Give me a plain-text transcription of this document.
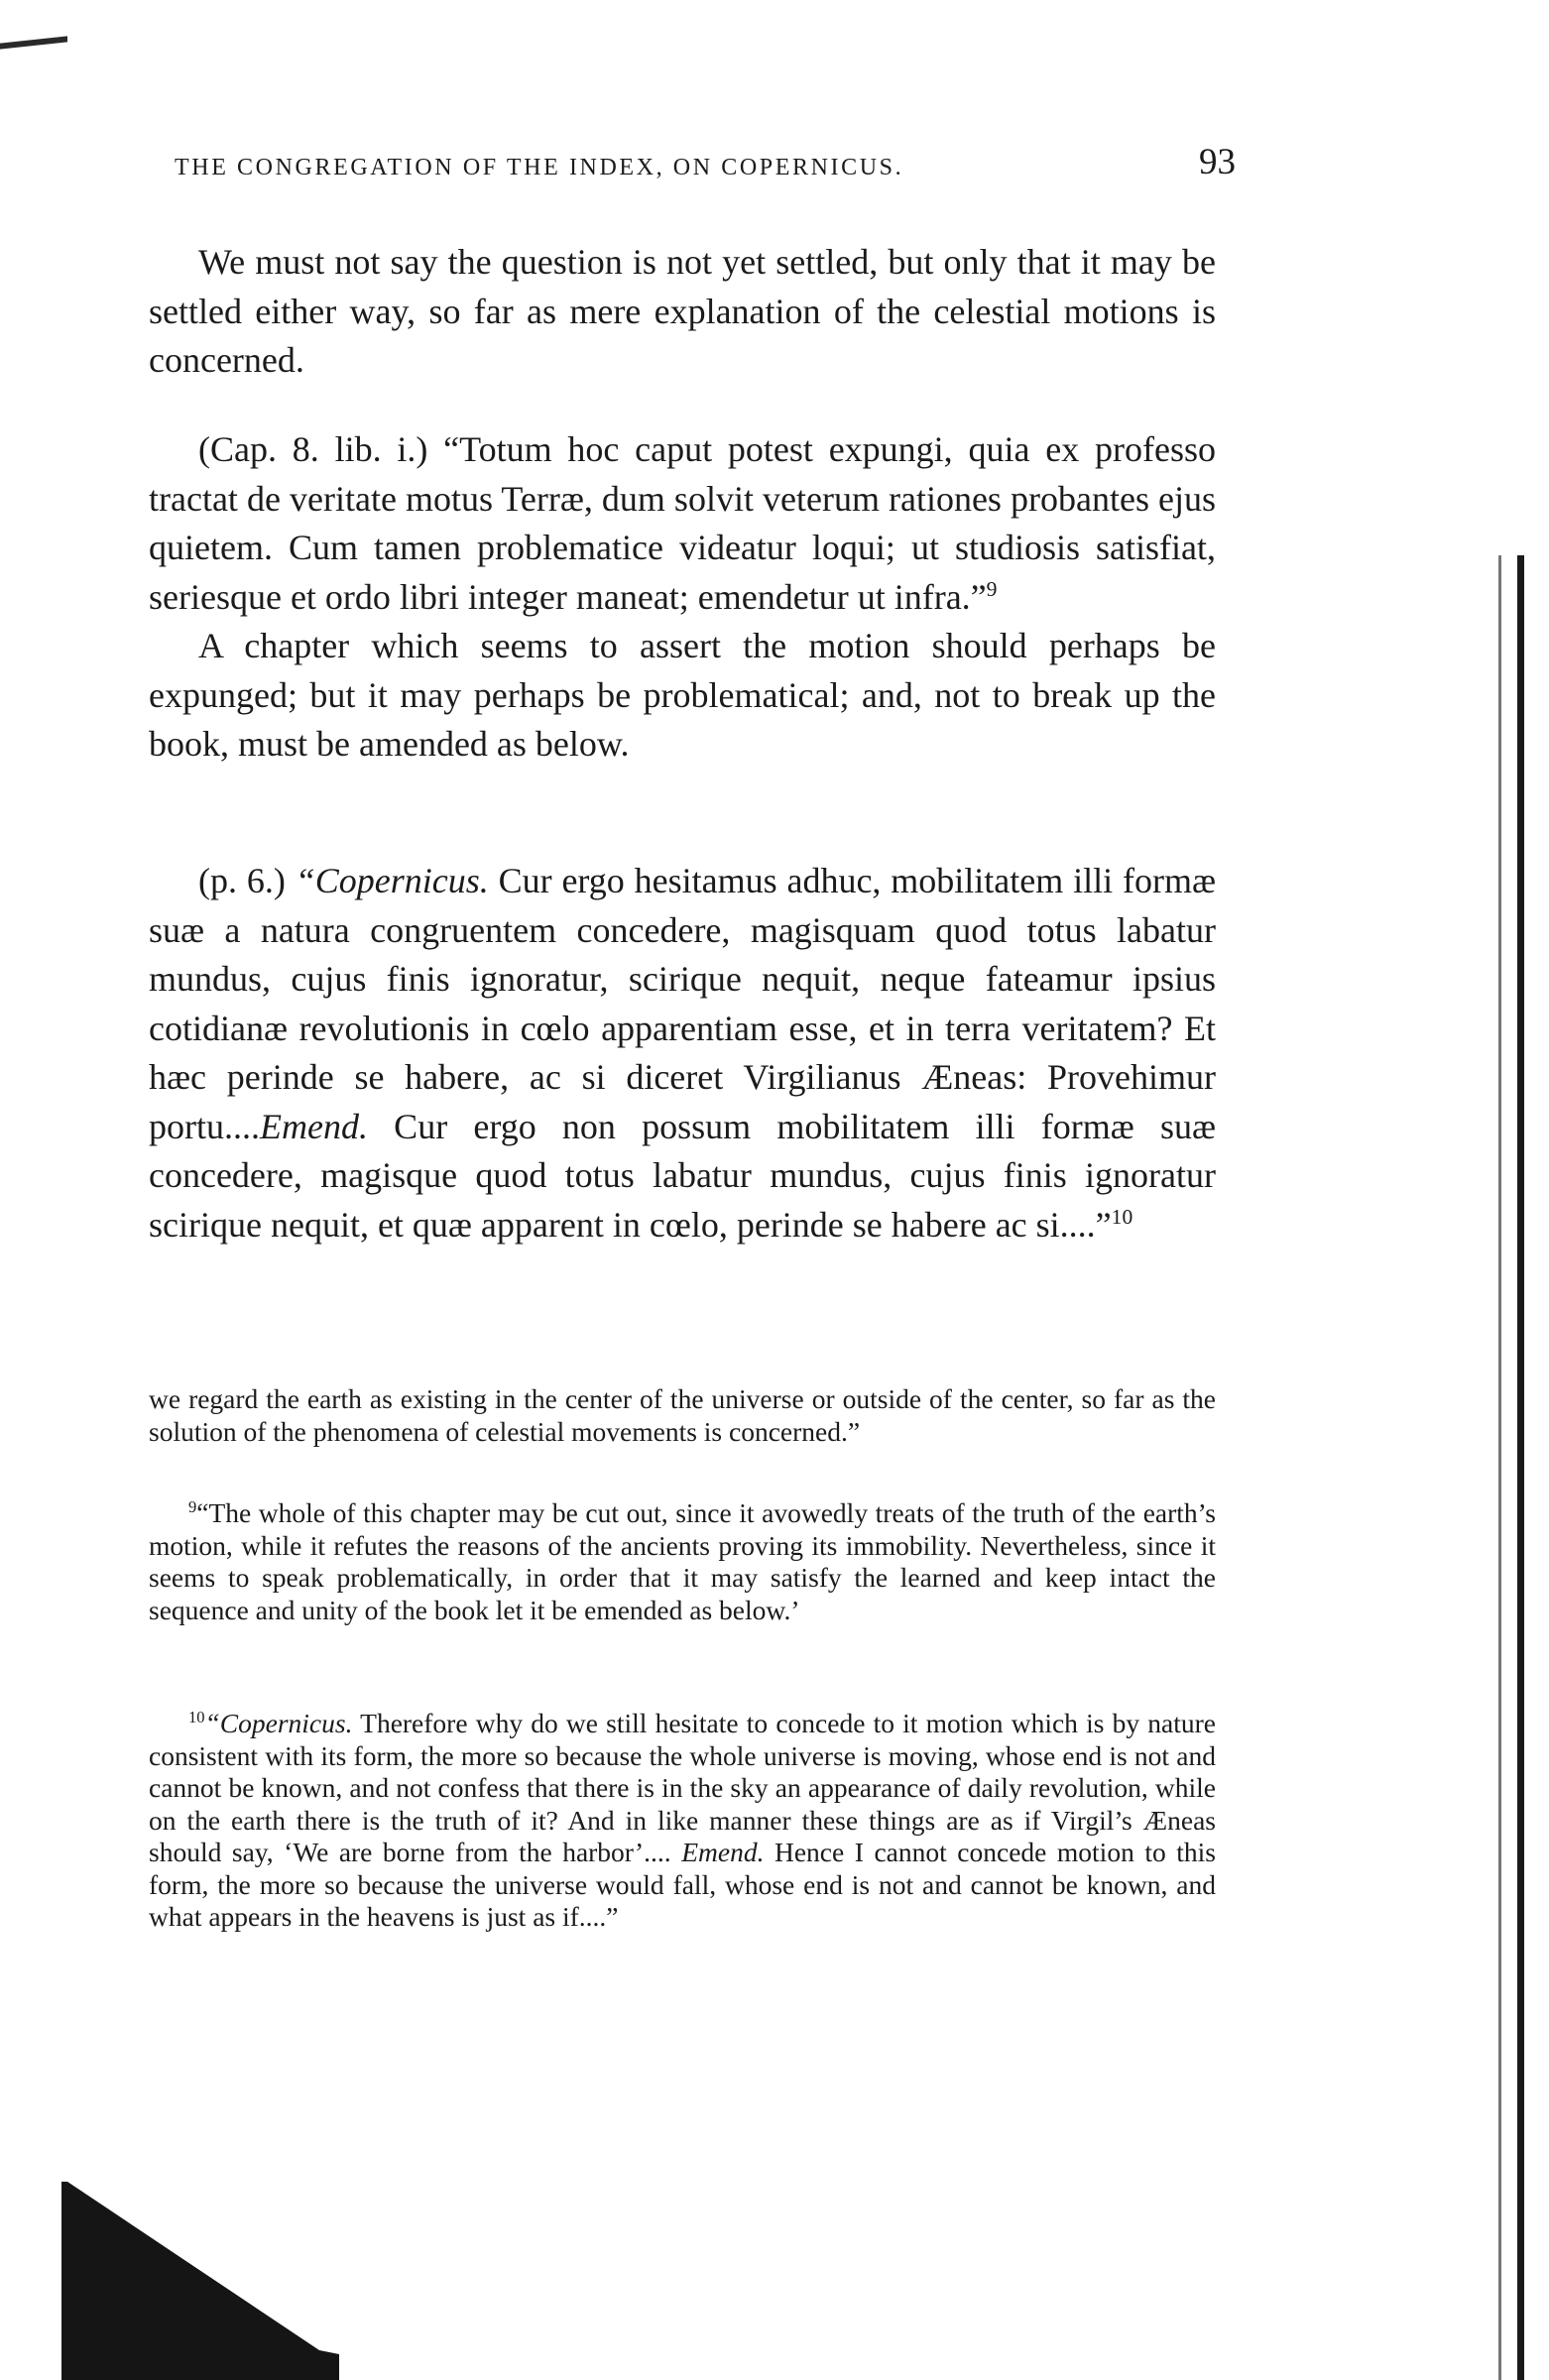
THE CONGREGATION OF THE INDEX, ON COPERNICUS.	93

We must not say the question is not yet settled, but only that it may be settled either way, so far as mere explanation of the celestial motions is concerned.

(Cap. 8. lib. i.) “Totum hoc caput potest expungi, quia ex professo tractat de veritate motus Terræ, dum solvit veterum rationes probantes ejus quietem. Cum tamen problematice videatur loqui; ut studiosis satisfiat, seriesque et ordo libri integer maneat; emendetur ut infra.”$^9$

A chapter which seems to assert the motion should perhaps be expunged; but it may perhaps be problematical; and, not to break up the book, must be amended as below.

(p. 6.) “Copernicus. Cur ergo hesitamus adhuc, mobilitatem illi formæ suæ a natura congruentem concedere, magisquam quod totus labatur mundus, cujus finis ignoratur, scirique nequit, neque fateamur ipsius cotidianæ revolutionis in cœlo apparentiam esse, et in terra veritatem? Et hæc perinde se habere, ac si diceret Virgilianus Æneas: Provehimur portu....Emend. Cur ergo non possum mobilitatem illi formæ suæ concedere, magisque quod totus labatur mundus, cujus finis ignoratur scirique nequit, et quæ apparent in cœlo, perinde se habere ac si....”$^{10}$

we regard the earth as existing in the center of the universe or outside of the center, so far as the solution of the phenomena of celestial movements is concerned.”

$^9$“The whole of this chapter may be cut out, since it avowedly treats of the truth of the earth’s motion, while it refutes the reasons of the ancients proving its immobility. Nevertheless, since it seems to speak problematically, in order that it may satisfy the learned and keep intact the sequence and unity of the book let it be emended as below.’

$^{10}$“Copernicus. Therefore why do we still hesitate to concede to it motion which is by nature consistent with its form, the more so because the whole universe is moving, whose end is not and cannot be known, and not confess that there is in the sky an appearance of daily revolution, while on the earth there is the truth of it? And in like manner these things are as if Virgil’s Æneas should say, ‘We are borne from the harbor’.... Emend. Hence I cannot concede motion to this form, the more so because the universe would fall, whose end is not and cannot be known, and what appears in the heavens is just as if....”
